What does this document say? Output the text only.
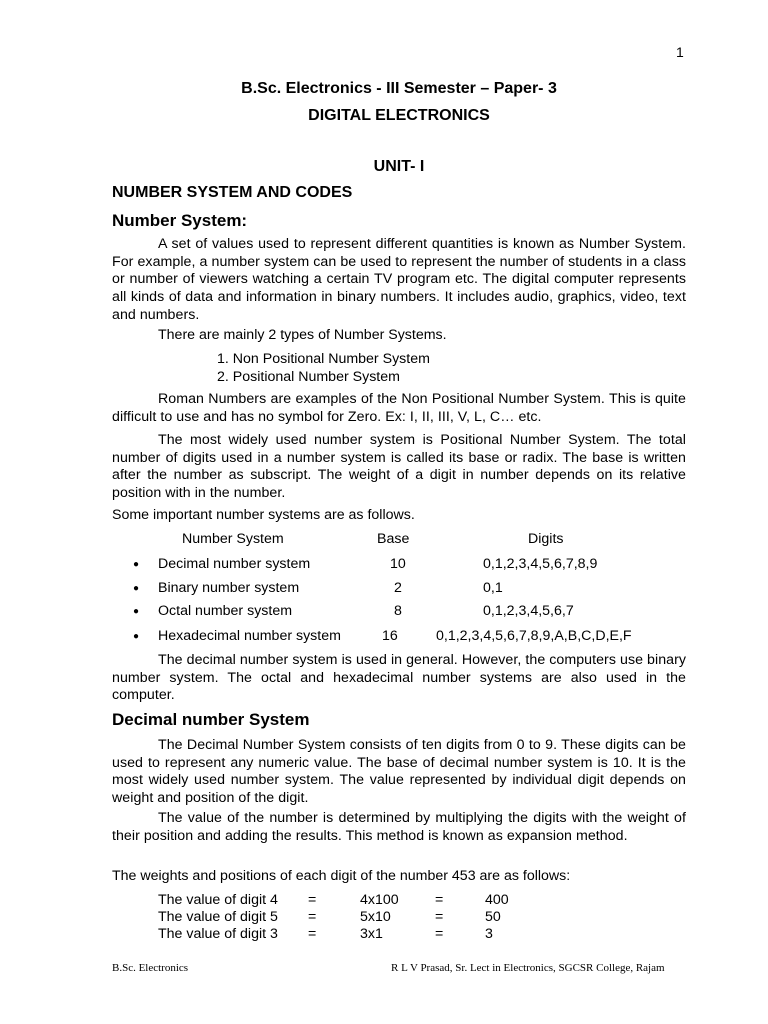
1
B.Sc. Electronics - III Semester – Paper- 3
DIGITAL ELECTRONICS
UNIT- I
NUMBER SYSTEM AND CODES
Number System:

A set of values used to represent different quantities is known as Number System. For example, a number system can be used to represent the number of students in a class or number of viewers watching a certain TV program etc. The digital computer represents all kinds of data and information in binary numbers. It includes audio, graphics, video, text and numbers.

There are mainly 2 types of Number Systems.
1. Non Positional Number System
2. Positional Number System

Roman Numbers are examples of the Non Positional Number System. This is quite difficult to use and has no symbol for Zero. Ex: I, II, III, V, L, C… etc.

The most widely used number system is Positional Number System. The total number of digits used in a number system is called its base or radix. The base is written after the number as subscript. The weight of a digit in number depends on its relative position with in the number.

Some important number systems are as follows.
Number System	Base	Digits
● Decimal number system	10	0,1,2,3,4,5,6,7,8,9
● Binary number system	2	0,1
● Octal number system	8	0,1,2,3,4,5,6,7
● Hexadecimal number system	16	0,1,2,3,4,5,6,7,8,9,A,B,C,D,E,F

The decimal number system is used in general. However, the computers use binary number system. The octal and hexadecimal number systems are also used in the computer.

Decimal number System

The Decimal Number System consists of ten digits from 0 to 9. These digits can be used to represent any numeric value. The base of decimal number system is 10. It is the most widely used number system. The value represented by individual digit depends on weight and position of the digit.

The value of the number is determined by multiplying the digits with the weight of their position and adding the results. This method is known as expansion method.

The weights and positions of each digit of the number 453 are as follows:
The value of digit 4 =	4x100	=	400
The value of digit 5 =	5x10	=	50
The value of digit 3 =	3x1	=	3
B.Sc. Electronics	R L V Prasad, Sr. Lect in Electronics, SGCSR College, Rajam
